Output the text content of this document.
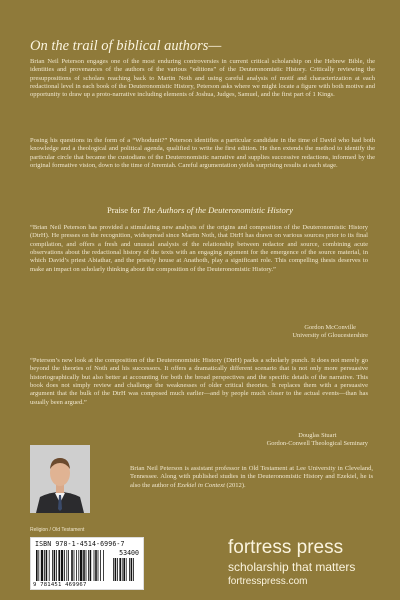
On the trail of biblical authors—
Brian Neil Peterson engages one of the most enduring controversies in current critical scholarship on the Hebrew Bible, the identities and provenances of the authors of the various “editions” of the Deuteronomistic History. Critically reviewing the presuppositions of scholars reaching back to Martin Noth and using careful analysis of motif and characterization at each redactional level in each book of the Deuteronomistic History, Peterson asks where we might locate a figure with both motive and opportunity to draw up a proto-narrative including elements of Joshua, Judges, Samuel, and the first part of 1 Kings.
Posing his questions in the form of a “Whodunit?” Peterson identifies a particular candidate in the time of David who had both knowledge and a theological and political agenda, qualified to write the first edition. He then extends the method to identify the particular circle that became the custodians of the Deuteronomistic narrative and supplies successive redactions, informed by the original formative vision, down to the time of Jeremiah. Careful argumentation yields surprising results at each stage.
Praise for The Authors of the Deuteronomistic History
“Brian Neil Peterson has provided a stimulating new analysis of the origins and composition of the Deuteronomistic History (DtrH). He presses on the recognition, widespread since Martin Noth, that DtrH has drawn on various sources prior to its final compilation, and offers a fresh and unusual analysis of the relationship between redactor and source, combining acute observations about the redactional history of the texts with an engaging argument for the emergence of the source material, in which David’s priest Abiathar, and the priestly house at Anathoth, play a significant role. This compelling thesis deserves to make an impact on scholarly thinking about the composition of the Deuteronomistic History.”
Gordon McConville
University of Gloucestershire
“Peterson’s new look at the composition of the Deuteronomistic History (DtrH) packs a scholarly punch. It does not merely go beyond the theories of Noth and his successors. It offers a dramatically different scenario that is not only more persuasive historiographically but also better at accounting for both the broad perspectives and the specific details of the narrative. This book does not simply review and challenge the weaknesses of older critical theories. It replaces them with a persuasive argument that the bulk of the DtrH was composed much earlier—and by people much closer to the actual events—than has usually been argued.”
Douglas Stuart
Gordon-Conwell Theological Seminary
Brian Neil Peterson is assistant professor in Old Testament at Lee University in Cleveland, Tennessee. Along with published studies in the Deuteronomistic History and Ezekiel, he is also the author of Ezekiel in Context (2012).
Religion / Old Testament
ISBN 978-1-4514-6996-7
53400
9 781451 469967
fortress press
scholarship that matters
fortresspress.com
